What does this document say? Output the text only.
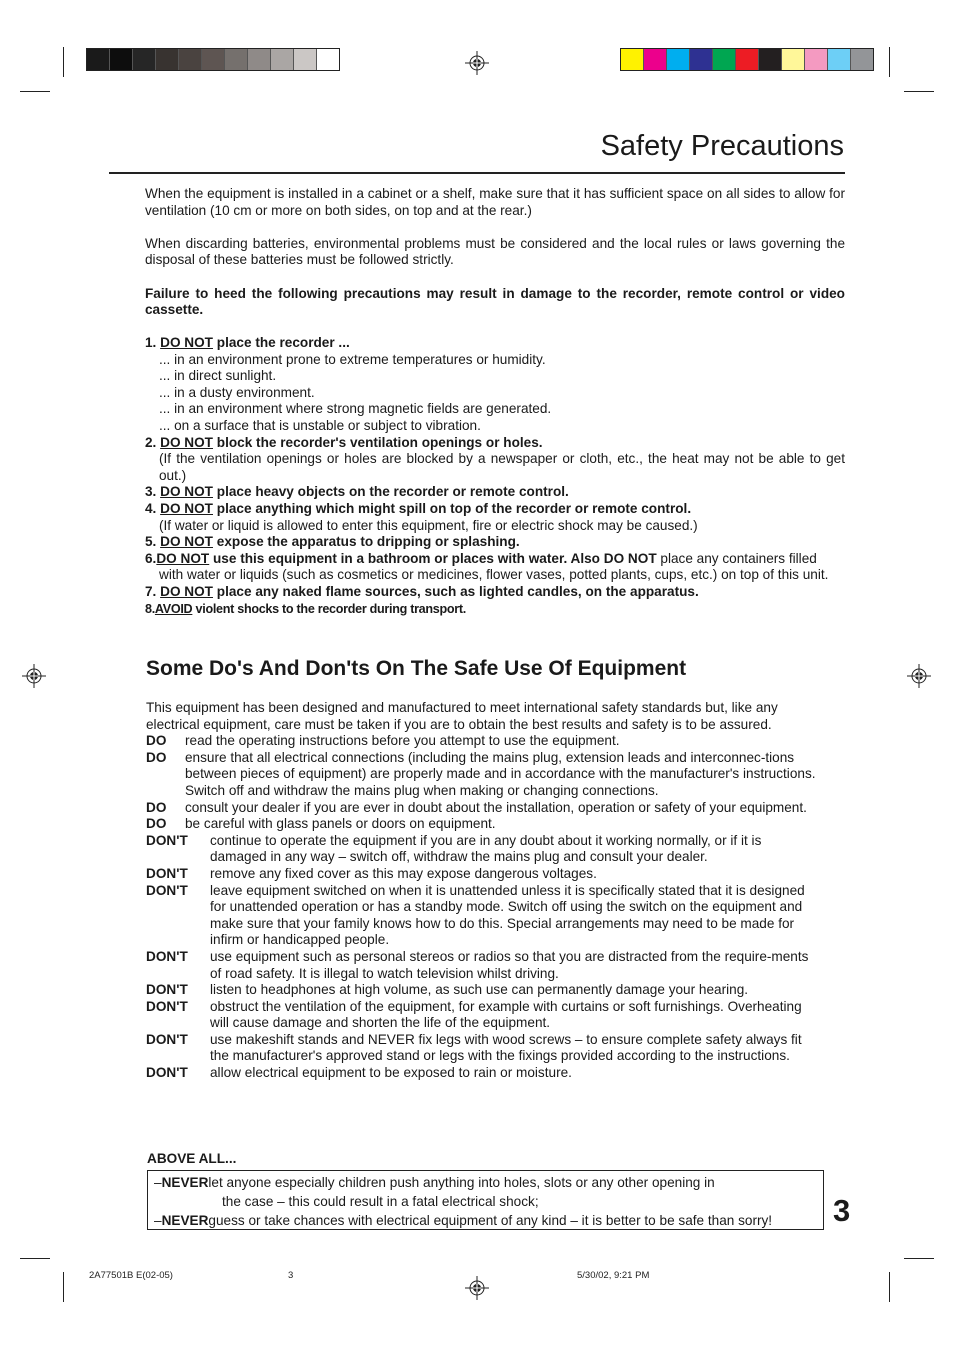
Safety Precautions

When the equipment is installed in a cabinet or a shelf, make sure that it has sufficient space on all sides to allow for ventilation (10 cm or more on both sides, on top and at the rear.)

When discarding batteries, environmental problems must be considered and the local rules or laws governing the disposal of these batteries must be followed strictly.

Failure to heed the following precautions may result in damage to the recorder, remote control or video cassette.

1. DO NOT place the recorder ...

... in an environment prone to extreme temperatures or humidity.

... in direct sunlight.

... in a dusty environment.

... in an environment where strong magnetic fields are generated.

... on a surface that is unstable or subject to vibration.

2. DO NOT block the recorder's ventilation openings or holes.

(If the ventilation openings or holes are blocked by a newspaper or cloth, etc., the heat may not be able to get out.)

3. DO NOT place heavy objects on the recorder or remote control.

4. DO NOT place anything which might spill on top of the recorder or remote control.

(If water or liquid is allowed to enter this equipment, fire or electric shock may be caused.)

5. DO NOT expose the apparatus to dripping or splashing.

6.DO NOT use this equipment in a bathroom or places with water. Also DO NOT place any containers filled

with water or liquids (such as cosmetics or medicines, flower vases, potted plants, cups, etc.) on top of this unit.

7. DO NOT place any naked flame sources, such as lighted candles, on the apparatus.

8.AVOID violent shocks to the recorder during transport.

Some Do's And Don'ts On The Safe Use Of Equipment

This equipment has been designed and manufactured to meet international safety standards but, like any electrical equipment, care must be taken if you are to obtain the best results and safety is to be assured.

DO	read the operating instructions before you attempt to use the equipment.
DO	ensure that all electrical connections (including the mains plug, extension leads and interconnec-tions between pieces of equipment) are properly made and in accordance with the manufacturer's instructions. Switch off and withdraw the mains plug when making or changing connections.
DO	consult your dealer if you are ever in doubt about the installation, operation or safety of your equipment.
DO	be careful with glass panels or doors on equipment.
DON'T	continue to operate the equipment if you are in any doubt about it working normally, or if it is damaged in any way – switch off, withdraw the mains plug and consult your dealer.
DON'T	remove any fixed cover as this may expose dangerous voltages.
DON'T	leave equipment switched on when it is unattended unless it is specifically stated that it is designed for unattended operation or has a standby mode. Switch off using the switch on the equipment and make sure that your family knows how to do this. Special arrangements may need to be made for infirm or handicapped people.
DON'T	use equipment such as personal stereos or radios so that you are distracted from the require-ments of road safety. It is illegal to watch television whilst driving.
DON'T	listen to headphones at high volume, as such use can permanently damage your hearing.
DON'T	obstruct the ventilation of the equipment, for example with curtains or soft furnishings. Overheating will cause damage and shorten the life of the equipment.
DON'T	use makeshift stands and NEVER fix legs with wood screws – to ensure complete safety always fit the manufacturer's approved stand or legs with the fixings provided according to the instructions.
DON'T	allow electrical equipment to be exposed to rain or moisture.
ABOVE ALL...
– NEVER let anyone especially children push anything into holes, slots or any other opening in
the case – this could result in a fatal electrical shock;
– NEVER guess or take chances with electrical equipment of any kind – it is better to be safe than sorry! 3
2A77501B E(02-05)	3	5/30/02, 9:21 PM
